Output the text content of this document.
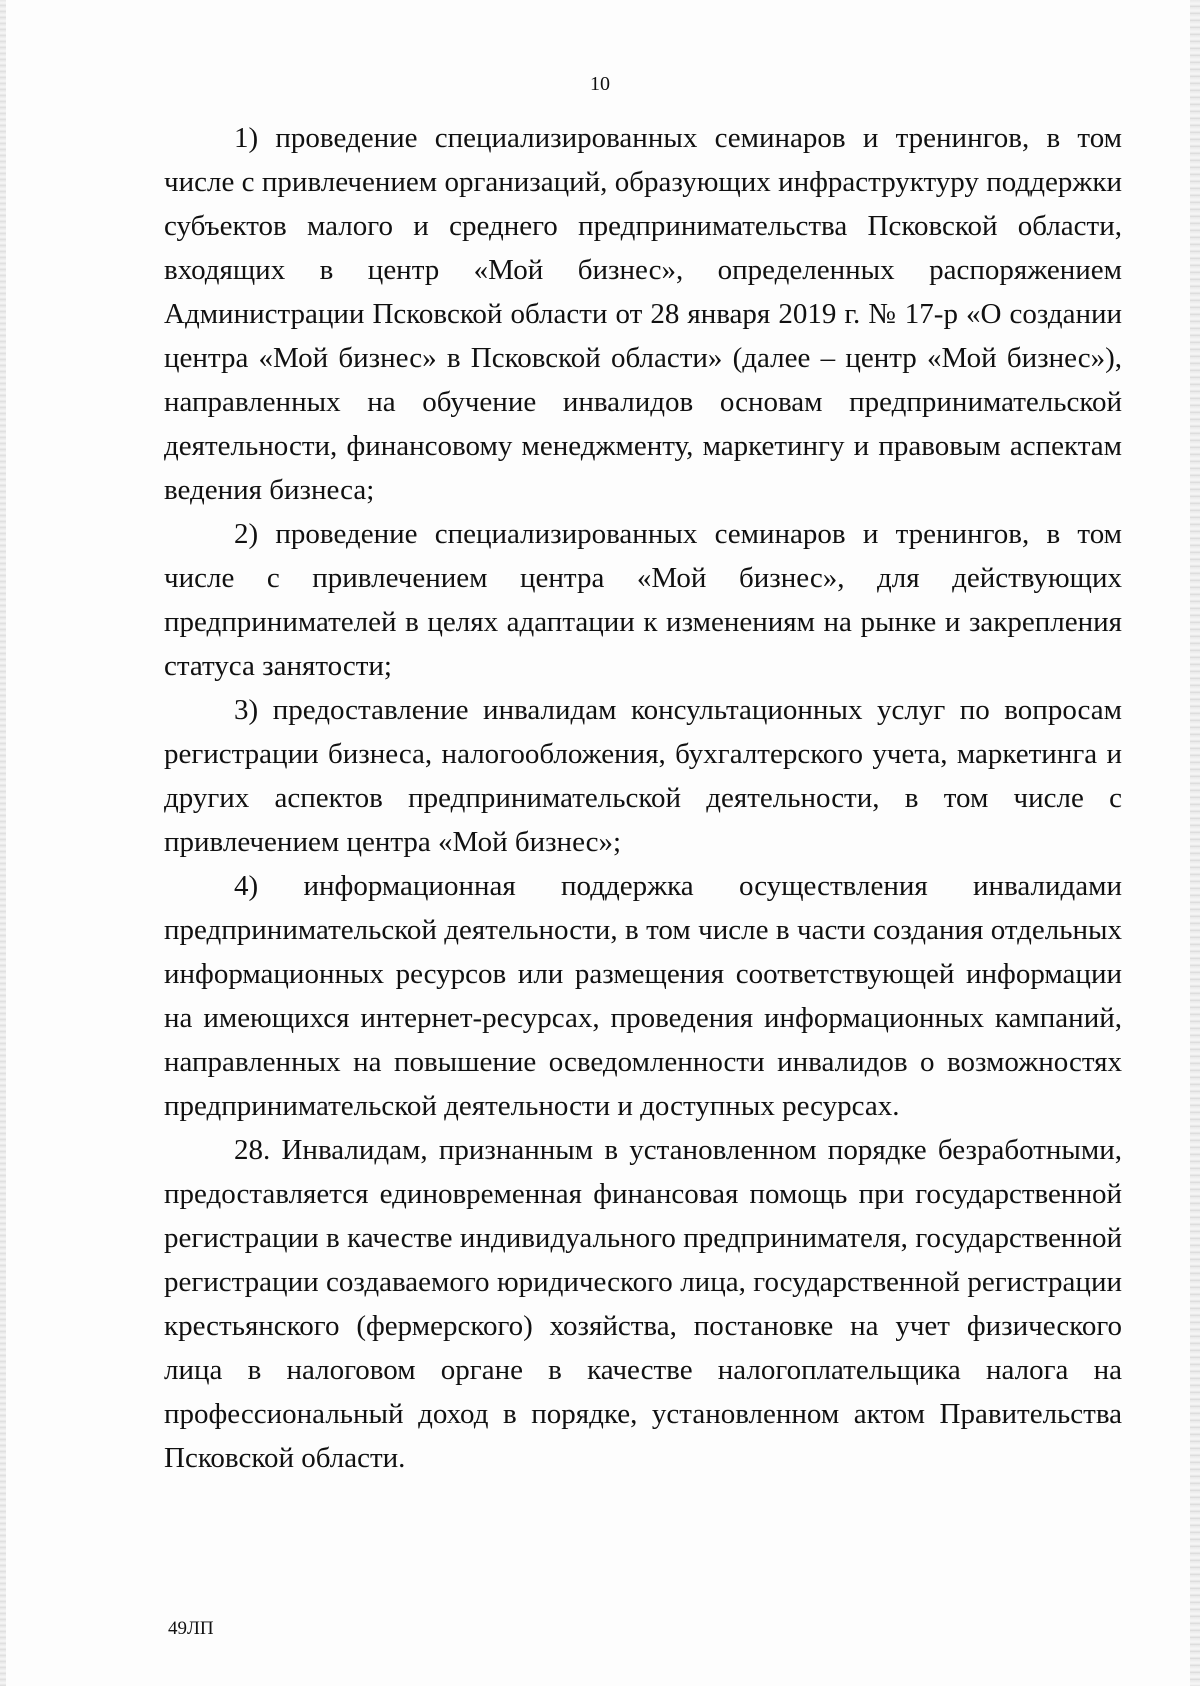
10

1) проведение специализированных семинаров и тренингов, в том числе с привлечением организаций, образующих инфраструктуру поддержки субъектов малого и среднего предпринимательства Псковской области, входящих в центр «Мой бизнес», определенных распоряжением Администрации Псковской области от 28 января 2019 г. № 17-р «О создании центра «Мой бизнес» в Псковской области» (далее – центр «Мой бизнес»), направленных на обучение инвалидов основам предпринимательской деятельности, финансовому менеджменту, маркетингу и правовым аспектам ведения бизнеса;

2) проведение специализированных семинаров и тренингов, в том числе с привлечением центра «Мой бизнес», для действующих предпринимателей в целях адаптации к изменениям на рынке и закрепления статуса занятости;

3) предоставление инвалидам консультационных услуг по вопросам регистрации бизнеса, налогообложения, бухгалтерского учета, маркетинга и других аспектов предпринимательской деятельности, в том числе с привлечением центра «Мой бизнес»;

4) информационная поддержка осуществления инвалидами предпринимательской деятельности, в том числе в части создания отдельных информационных ресурсов или размещения соответствующей информации на имеющихся интернет-ресурсах, проведения информационных кампаний, направленных на повышение осведомленности инвалидов о возможностях предпринимательской деятельности и доступных ресурсах.

28. Инвалидам, признанным в установленном порядке безработными, предоставляется единовременная финансовая помощь при государственной регистрации в качестве индивидуального предпринимателя, государственной регистрации создаваемого юридического лица, государственной регистрации крестьянского (фермерского) хозяйства, постановке на учет физического лица в налоговом органе в качестве налогоплательщика налога на профессиональный доход в порядке, установленном актом Правительства Псковской области.

49ЛП
